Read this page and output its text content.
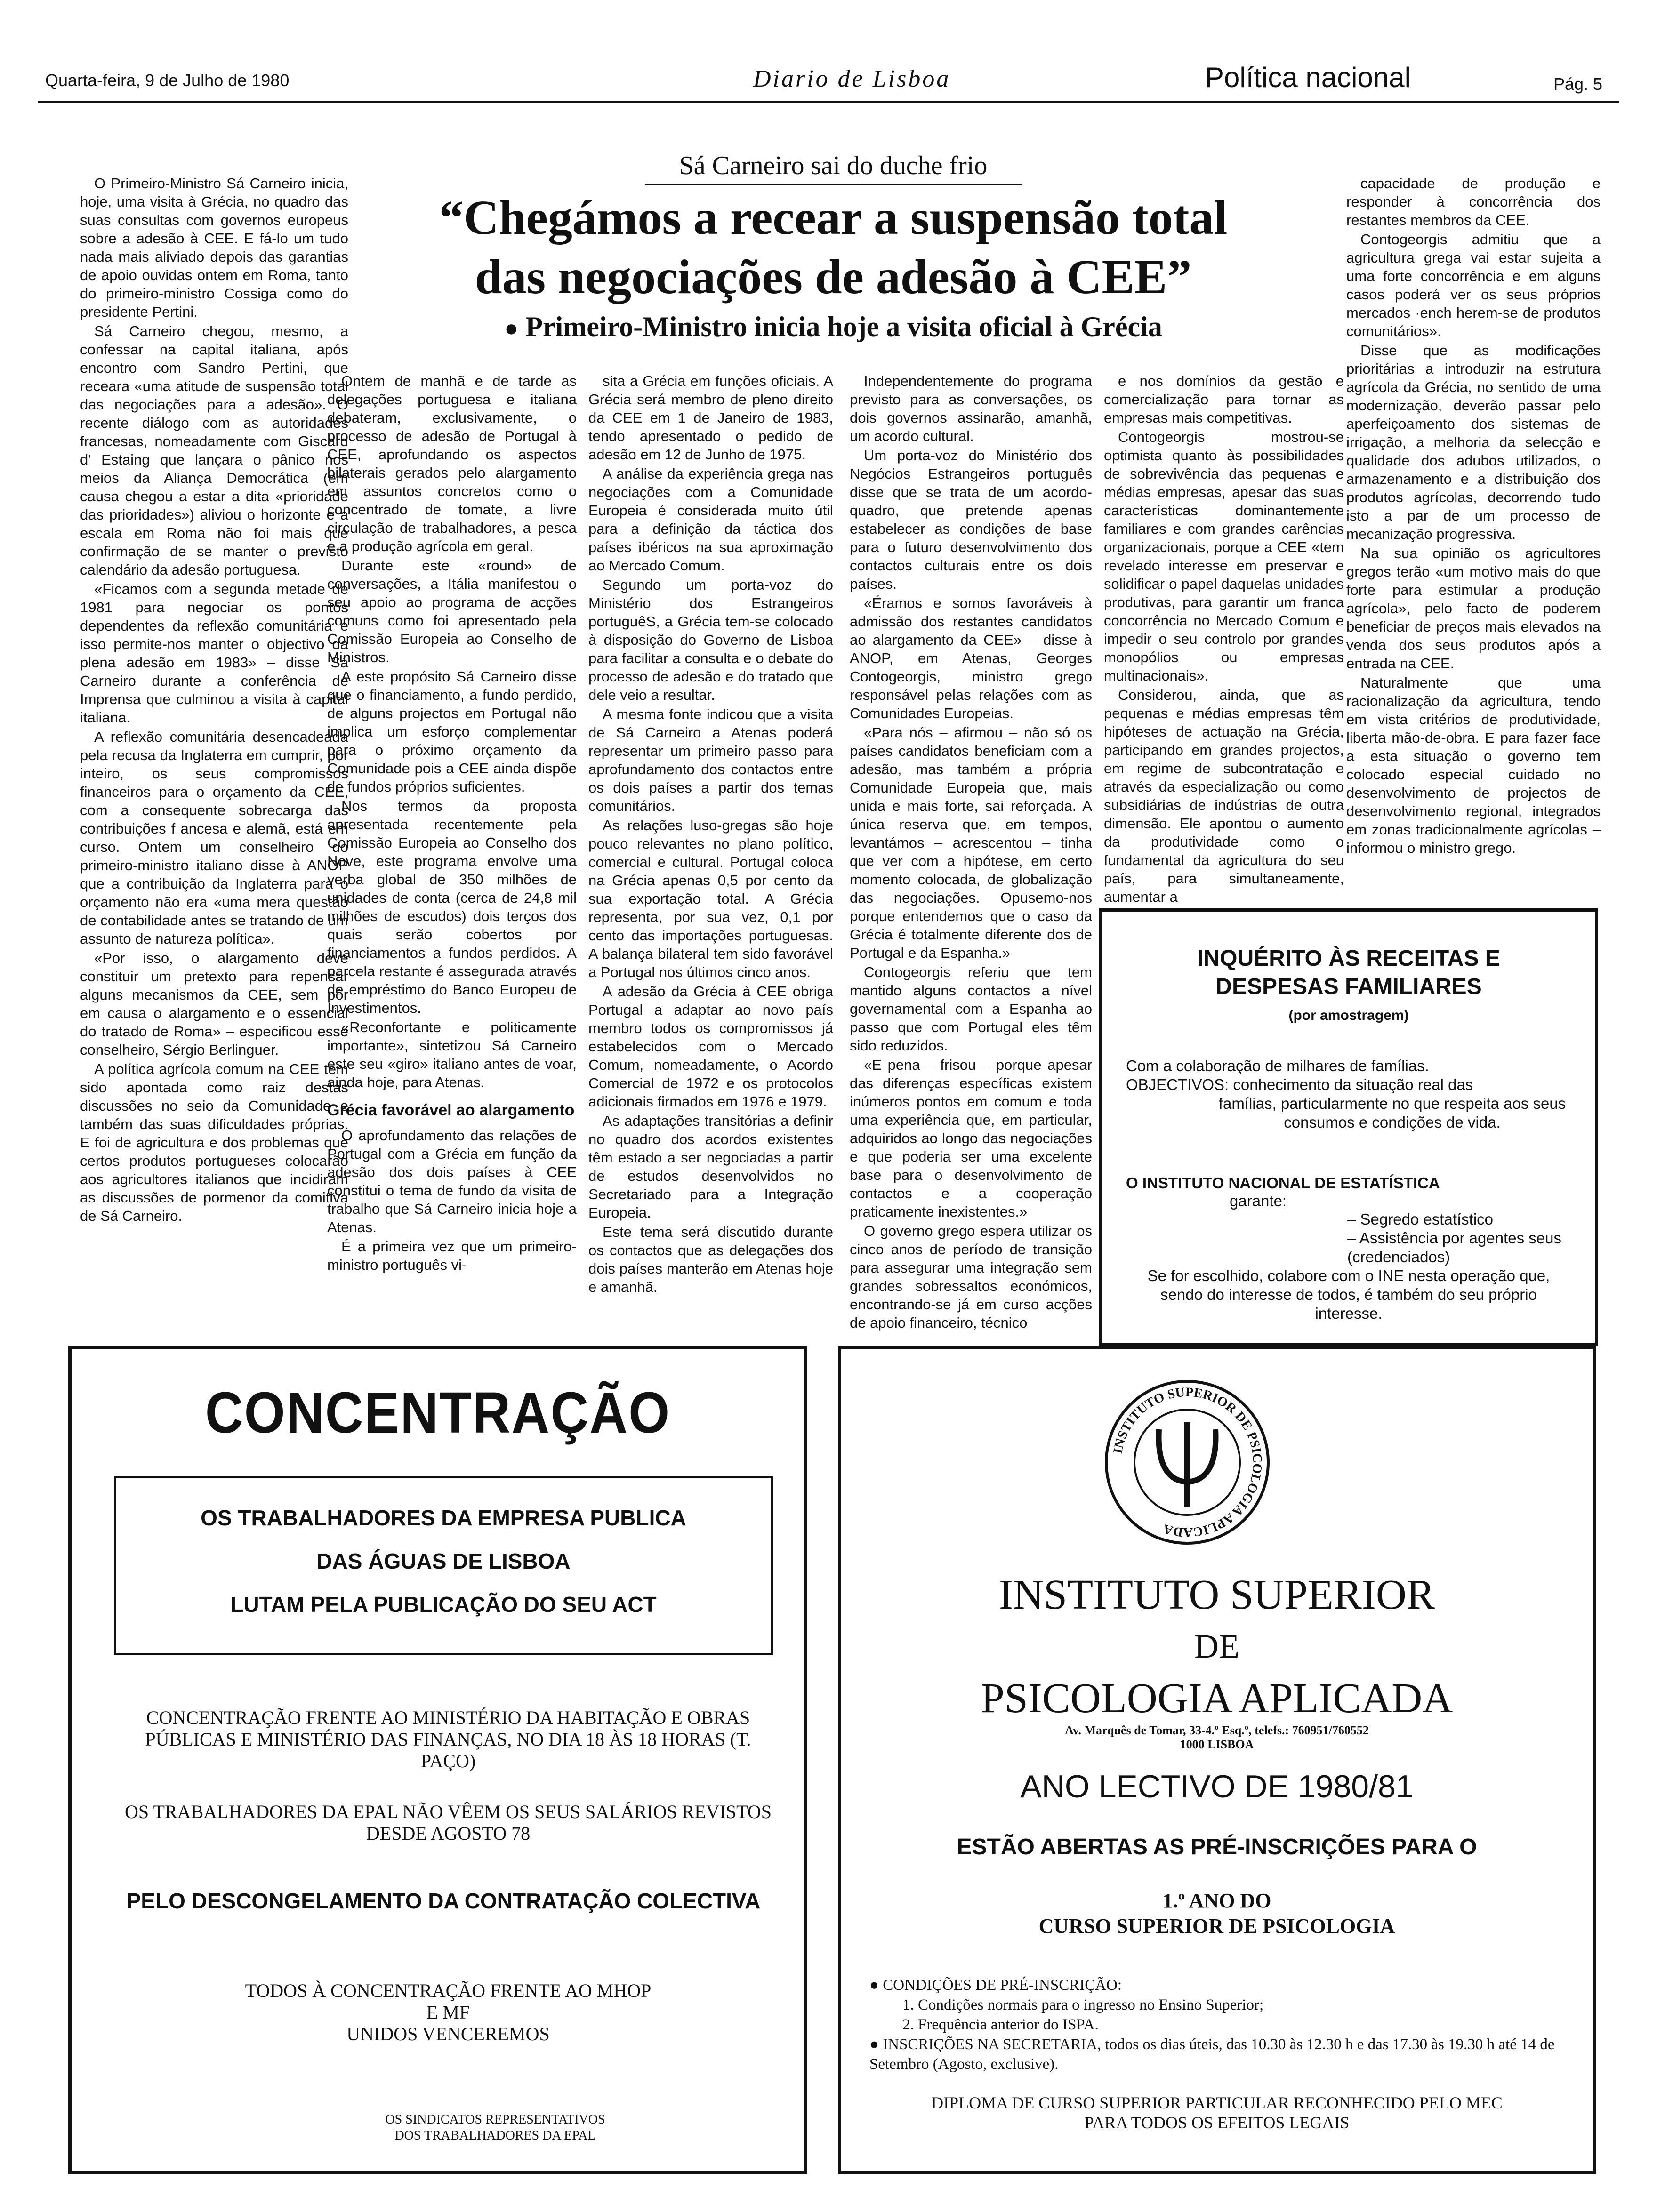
Quarta-feira, 9 de Julho de 1980	Diario de Lisboa	Política nacional	Pág. 5
Sá Carneiro sai do duche frio
“Chegámos a recear a suspensão total
das negociações de adesão à CEE”
● Primeiro-Ministro inicia hoje a visita oficial à Grécia

O Primeiro-Ministro Sá Carneiro inicia, hoje, uma visita à Grécia, no quadro das suas consultas com governos europeus sobre a adesão à CEE. E fá-lo um tudo nada mais aliviado depois das garantias de apoio ouvidas ontem em Roma, tanto do primeiro-ministro Cossiga como do presidente Pertini.

Sá Carneiro chegou, mesmo, a confessar na capital italiana, após encontro com Sandro Pertini, que receara «uma atitude de suspensão total das negociações para a adesão». O recente diálogo com as autoridades francesas, nomeadamente com Giscard d' Estaing que lançara o pânico nos meios da Aliança Democrática (em causa chegou a estar a dita «prioridade das prioridades») aliviou o horizonte e a escala em Roma não foi mais que confirmação de se manter o previsto calendário da adesão portuguesa.

«Ficamos com a segunda metade de 1981 para negociar os pontos dependentes da reflexão comunitária e isso permite-nos manter o objectivo da plena adesão em 1983» – disse Sá Carneiro durante a conferência de Imprensa que culminou a visita à capital italiana.

A reflexão comunitária desencadeada pela recusa da Inglaterra em cumprir, por inteiro, os seus compromissos financeiros para o orçamento da CEE, com a consequente sobrecarga das contribuições f ancesa e alemã, está em curso. Ontem um conselheiro do primeiro-ministro italiano disse à ANOP que a contribuição da Inglaterra para o orçamento não era «uma mera questão de contabilidade antes se tratando de um assunto de natureza política».

«Por isso, o alargamento deve constituir um pretexto para repensar alguns mecanismos da CEE, sem pôr em causa o alargamento e o essencial do tratado de Roma» – especificou esse conselheiro, Sérgio Berlinguer.

A política agrícola comum na CEE tem sido apontada como raiz destas discussões no seio da Comunidade e também das suas dificuldades próprias. E foi de agricultura e dos problemas que certos produtos portugueses colocarão aos agricultores italianos que incidiram as discussões de pormenor da comitiva de Sá Carneiro.

Ontem de manhã e de tarde as delegações portuguesa e italiana debateram, exclusivamente, o processo de adesão de Portugal à CEE, aprofundando os aspectos bilaterais gerados pelo alargamento em assuntos concretos como o concentrado de tomate, a livre circulação de trabalhadores, a pesca e a produção agrícola em geral.

Durante este «round» de conversações, a Itália manifestou o seu apoio ao programa de acções comuns como foi apresentado pela Comissão Europeia ao Conselho de Ministros.

A este propósito Sá Carneiro disse que o financiamento, a fundo perdido, de alguns projectos em Portugal não implica um esforço complementar para o próximo orçamento da Comunidade pois a CEE ainda dispõe de fundos próprios suficientes.

Nos termos da proposta apresentada recentemente pela Comissão Europeia ao Conselho dos Nove, este programa envolve uma verba global de 350 milhões de unidades de conta (cerca de 24,8 mil milhões de escudos) dois terços dos quais serão cobertos por financiamentos a fundos perdidos. A parcela restante é assegurada através de empréstimo do Banco Europeu de Investimentos.

«Reconfortante e politicamente importante», sintetizou Sá Carneiro este seu «giro» italiano antes de voar, ainda hoje, para Atenas.

Grécia favorável ao alargamento

O aprofundamento das relações de Portugal com a Grécia em função da adesão dos dois países à CEE constitui o tema de fundo da visita de trabalho que Sá Carneiro inicia hoje a Atenas.

É a primeira vez que um primeiro-ministro português vi-

sita a Grécia em funções oficiais. A Grécia será membro de pleno direito da CEE em 1 de Janeiro de 1983, tendo apresentado o pedido de adesão em 12 de Junho de 1975.

A análise da experiência grega nas negociações com a Comunidade Europeia é considerada muito útil para a definição da táctica dos países ibéricos na sua aproximação ao Mercado Comum.

Segundo um porta-voz do Ministério dos Estrangeiros portuguêS, a Grécia tem-se colocado à disposição do Governo de Lisboa para facilitar a consulta e o debate do processo de adesão e do tratado que dele veio a resultar.

A mesma fonte indicou que a visita de Sá Carneiro a Atenas poderá representar um primeiro passo para aprofundamento dos contactos entre os dois países a partir dos temas comunitários.

As relações luso-gregas são hoje pouco relevantes no plano político, comercial e cultural. Portugal coloca na Grécia apenas 0,5 por cento da sua exportação total. A Grécia representa, por sua vez, 0,1 por cento das importações portuguesas. A balança bilateral tem sido favorável a Portugal nos últimos cinco anos.

A adesão da Grécia à CEE obriga Portugal a adaptar ao novo país membro todos os compromissos já estabelecidos com o Mercado Comum, nomeadamente, o Acordo Comercial de 1972 e os protocolos adicionais firmados em 1976 e 1979.

As adaptações transitórias a definir no quadro dos acordos existentes têm estado a ser negociadas a partir de estudos desenvolvidos no Secretariado para a Integração Europeia.

Este tema será discutido durante os contactos que as delegações dos dois países manterão em Atenas hoje e amanhã.

Independentemente do programa previsto para as conversações, os dois governos assinarão, amanhã, um acordo cultural.

Um porta-voz do Ministério dos Negócios Estrangeiros português disse que se trata de um acordo-quadro, que pretende apenas estabelecer as condições de base para o futuro desenvolvimento dos contactos culturais entre os dois países.

«Éramos e somos favoráveis à admissão dos restantes candidatos ao alargamento da CEE» – disse à ANOP, em Atenas, Georges Contogeorgis, ministro grego responsável pelas relações com as Comunidades Europeias.

«Para nós – afirmou – não só os países candidatos beneficiam com a adesão, mas também a própria Comunidade Europeia que, mais unida e mais forte, sai reforçada. A única reserva que, em tempos, levantámos – acrescentou – tinha que ver com a hipótese, em certo momento colocada, de globalização das negociações. Opusemo-nos porque entendemos que o caso da Grécia é totalmente diferente dos de Portugal e da Espanha.»

Contogeorgis referiu que tem mantido alguns contactos a nível governamental com a Espanha ao passo que com Portugal eles têm sido reduzidos.

«E pena – frisou – porque apesar das diferenças específicas existem inúmeros pontos em comum e toda uma experiência que, em particular, adquiridos ao longo das negociações e que poderia ser uma excelente base para o desenvolvimento de contactos e a cooperação praticamente inexistentes.»

O governo grego espera utilizar os cinco anos de período de transição para assegurar uma integração sem grandes sobressaltos económicos, encontrando-se já em curso acções de apoio financeiro, técnico

e nos domínios da gestão e comercialização para tornar as empresas mais competitivas.

Contogeorgis mostrou-se optimista quanto às possibilidades de sobrevivência das pequenas e médias empresas, apesar das suas características dominantemente familiares e com grandes carências organizacionais, porque a CEE «tem revelado interesse em preservar e solidificar o papel daquelas unidades produtivas, para garantir um franca concorrência no Mercado Comum e impedir o seu controlo por grandes monopólios ou empresas multinacionais».

Considerou, ainda, que as pequenas e médias empresas têm hipóteses de actuação na Grécia, participando em grandes projectos, em regime de subcontratação e através da especialização ou como subsidiárias de indústrias de outra dimensão. Ele apontou o aumento da produtividade como o fundamental da agricultura do seu país, para simultaneamente, aumentar a

capacidade de produção e responder à concorrência dos restantes membros da CEE.

Contogeorgis admitiu que a agricultura grega vai estar sujeita a uma forte concorrência e em alguns casos poderá ver os seus próprios mercados ·ench herem-se de produtos comunitários».

Disse que as modificações prioritárias a introduzir na estrutura agrícola da Grécia, no sentido de uma modernização, deverão passar pelo aperfeiçoamento dos sistemas de irrigação, a melhoria da selecção e qualidade dos adubos utilizados, o armazenamento e a distribuição dos produtos agrícolas, decorrendo tudo isto a par de um processo de mecanização progressiva.

Na sua opinião os agricultores gregos terão «um motivo mais do que forte para estimular a produção agrícola», pelo facto de poderem beneficiar de preços mais elevados na venda dos seus produtos após a entrada na CEE.

Naturalmente que uma racionalização da agricultura, tendo em vista critérios de produtividade, liberta mão-de-obra. E para fazer face a esta situação o governo tem colocado especial cuidado no desenvolvimento de projectos de desenvolvimento regional, integrados em zonas tradicionalmente agrícolas – informou o ministro grego.

INQUÉRITO ÀS RECEITAS E
DESPESAS FAMILIARES
(por amostragem)
Com a colaboração de milhares de famílias.
OBJECTIVOS: conhecimento da situação real das
famílias, particularmente no que respeita aos seus consumos e condições de vida.
O INSTITUTO NACIONAL DE ESTATÍSTICA
garante:
– Segredo estatístico
– Assistência por agentes seus (credenciados)
Se for escolhido, colabore com o INE nesta operação que, sendo do interesse de todos, é também do seu próprio interesse.
CONCENTRAÇÃO
OS TRABALHADORES DA EMPRESA PUBLICA
DAS ÁGUAS DE LISBOA
LUTAM PELA PUBLICAÇÃO DO SEU ACT
CONCENTRAÇÃO FRENTE AO MINISTÉRIO DA HABITAÇÃO E OBRAS PÚBLICAS E MINISTÉRIO DAS FINANÇAS, NO DIA 18 ÀS 18 HORAS (T. PAÇO)
OS TRABALHADORES DA EPAL NÃO VÊEM OS SEUS SALÁRIOS REVISTOS DESDE AGOSTO 78
PELO DESCONGELAMENTO DA CONTRATAÇÃO COLECTIVA
TODOS À CONCENTRAÇÃO FRENTE AO MHOP
E MF
UNIDOS VENCEREMOS
OS SINDICATOS REPRESENTATIVOS
DOS TRABALHADORES DA EPAL
INSTITUTO SUPERIOR DE PSICOLOGIA APLICADA
INSTITUTO SUPERIOR
DE
PSICOLOGIA APLICADA
Av. Marquês de Tomar, 33-4.º Esq.º, telefs.: 760951/760552
1000 LISBOA
ANO LECTIVO DE 1980/81
ESTÃO ABERTAS AS PRÉ-INSCRIÇÕES PARA O
1.º ANO DO
CURSO SUPERIOR DE PSICOLOGIA
● CONDIÇÕES DE PRÉ-INSCRIÇÃO:
1. Condições normais para o ingresso no Ensino Superior;
2. Frequência anterior do ISPA.
● INSCRIÇÕES NA SECRETARIA, todos os dias úteis, das 10.30 às 12.30 h e das 17.30 às 19.30 h até 14 de Setembro (Agosto, exclusive).
DIPLOMA DE CURSO SUPERIOR PARTICULAR RECONHECIDO PELO MEC
PARA TODOS OS EFEITOS LEGAIS
